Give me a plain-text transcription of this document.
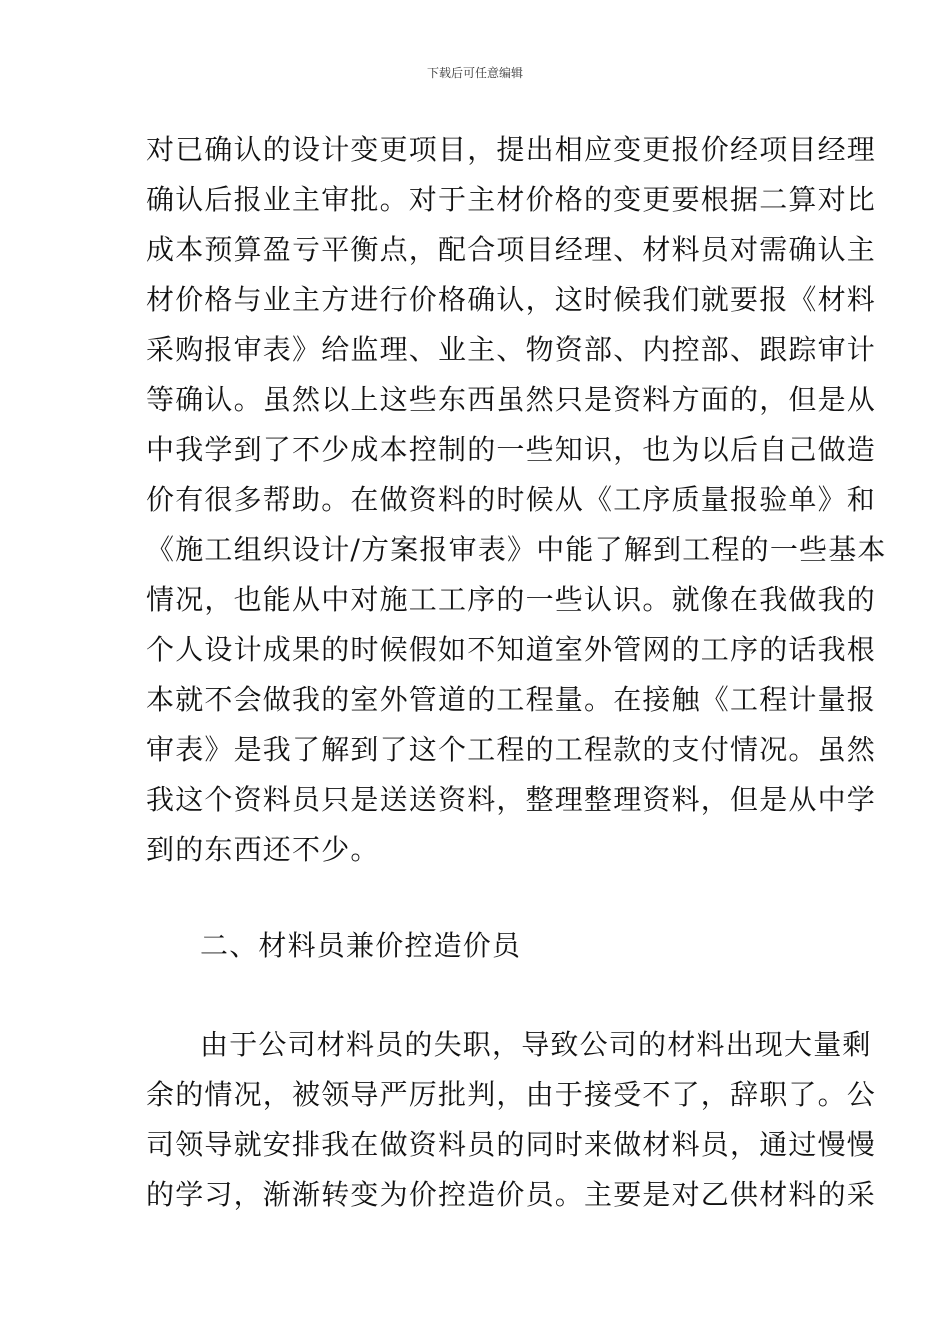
下载后可任意编辑
对已确认的设计变更项目，提出相应变更报价经项目经理
确认后报业主审批。对于主材价格的变更要根据二算对比
成本预算盈亏平衡点，配合项目经理、材料员对需确认主
材价格与业主方进行价格确认，这时候我们就要报《材料
采购报审表》给监理、业主、物资部、内控部、跟踪审计
等确认。虽然以上这些东西虽然只是资料方面的，但是从
中我学到了不少成本控制的一些知识，也为以后自己做造
价有很多帮助。在做资料的时候从《工序质量报验单》和
《施工组织设计/方案报审表》中能了解到工程的一些基本
情况，也能从中对施工工序的一些认识。就像在我做我的
个人设计成果的时候假如不知道室外管网的工序的话我根
本就不会做我的室外管道的工程量。在接触《工程计量报
审表》是我了解到了这个工程的工程款的支付情况。虽然
我这个资料员只是送送资料，整理整理资料，但是从中学
到的东西还不少。
二、材料员兼价控造价员
由于公司材料员的失职，导致公司的材料出现大量剩
余的情况，被领导严厉批判，由于接受不了，辞职了。公
司领导就安排我在做资料员的同时来做材料员，通过慢慢
的学习，渐渐转变为价控造价员。主要是对乙供材料的采
